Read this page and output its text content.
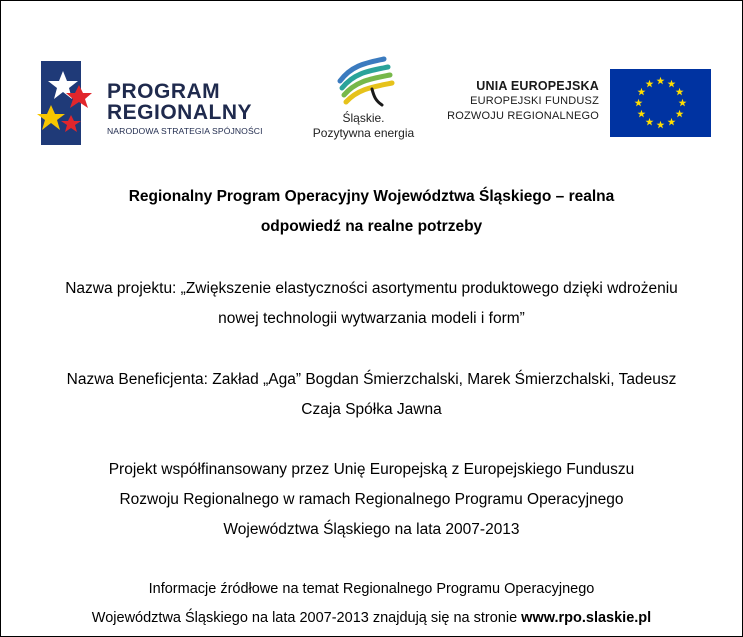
PROGRAM
REGIONALNY
NARODOWA STRATEGIA SPÓJNOŚCI
Śląskie.
Pozytywna energia
UNIA EUROPEJSKA
EUROPEJSKI FUNDUSZ
ROZWOJU REGIONALNEGO
Regionalny Program Operacyjny Województwa Śląskiego – realna
odpowiedź na realne potrzeby
Nazwa projektu: „Zwiększenie elastyczności asortymentu produktowego dzięki wdrożeniu
nowej technologii wytwarzania modeli i form”
Nazwa Beneficjenta: Zakład „Aga” Bogdan Śmierzchalski, Marek Śmierzchalski, Tadeusz
Czaja Spółka Jawna
Projekt współfinansowany przez Unię Europejską z Europejskiego Funduszu
Rozwoju Regionalnego w ramach Regionalnego Programu Operacyjnego
Województwa Śląskiego na lata 2007-2013
Informacje źródłowe na temat Regionalnego Programu Operacyjnego
Województwa Śląskiego na lata 2007-2013 znajdują się na stronie www.rpo.slaskie.pl
